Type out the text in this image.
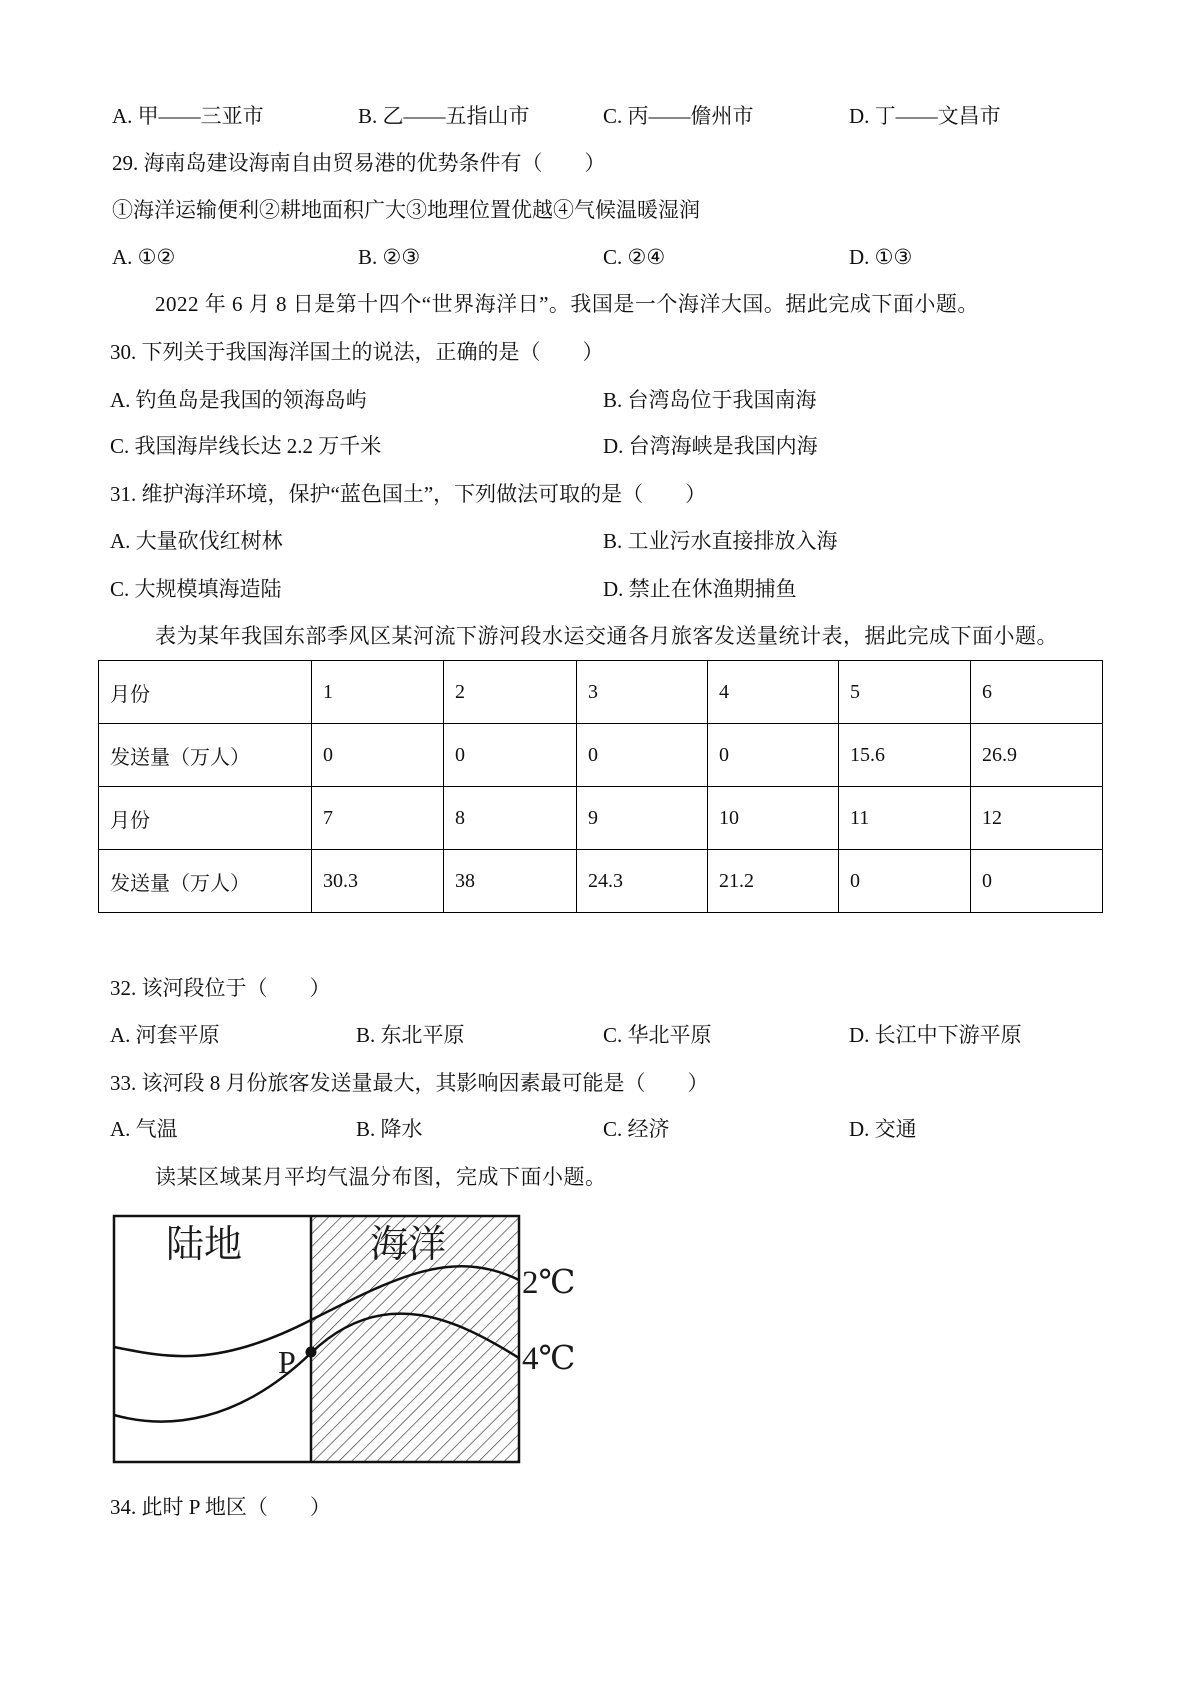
A. 甲——三亚市	B. 乙——五指山市	C. 丙——儋州市	D. 丁——文昌市
29. 海南岛建设海南自由贸易港的优势条件有（　　）
①海洋运输便利②耕地面积广大③地理位置优越④气候温暖湿润
A. ①②	B. ②③	C. ②④	D. ①③
2022 年 6 月 8 日是第十四个“世界海洋日”。我国是一个海洋大国。据此完成下面小题。
30. 下列关于我国海洋国土的说法，正确的是（　　）
A. 钓鱼岛是我国的领海岛屿	B. 台湾岛位于我国南海
C. 我国海岸线长达 2.2 万千米	D. 台湾海峡是我国内海
31. 维护海洋环境，保护“蓝色国土”，下列做法可取的是（　　）
A. 大量砍伐红树林	B. 工业污水直接排放入海
C. 大规模填海造陆	D. 禁止在休渔期捕鱼
表为某年我国东部季风区某河流下游河段水运交通各月旅客发送量统计表，据此完成下面小题。
月份	1	2	3	4	5	6
发送量（万人）	0	0	0	0	15.6	26.9
月份	7	8	9	10	11	12
发送量（万人）	30.3	38	24.3	21.2	0	0
32. 该河段位于（　　）
A. 河套平原	B. 东北平原	C. 华北平原	D. 长江中下游平原
33. 该河段 8 月份旅客发送量最大，其影响因素最可能是（　　）
A. 气温	B. 降水	C. 经济	D. 交通
读某区域某月平均气温分布图，完成下面小题。
陆地	海洋
2℃
4℃
P
34. 此时 P 地区（　　）
